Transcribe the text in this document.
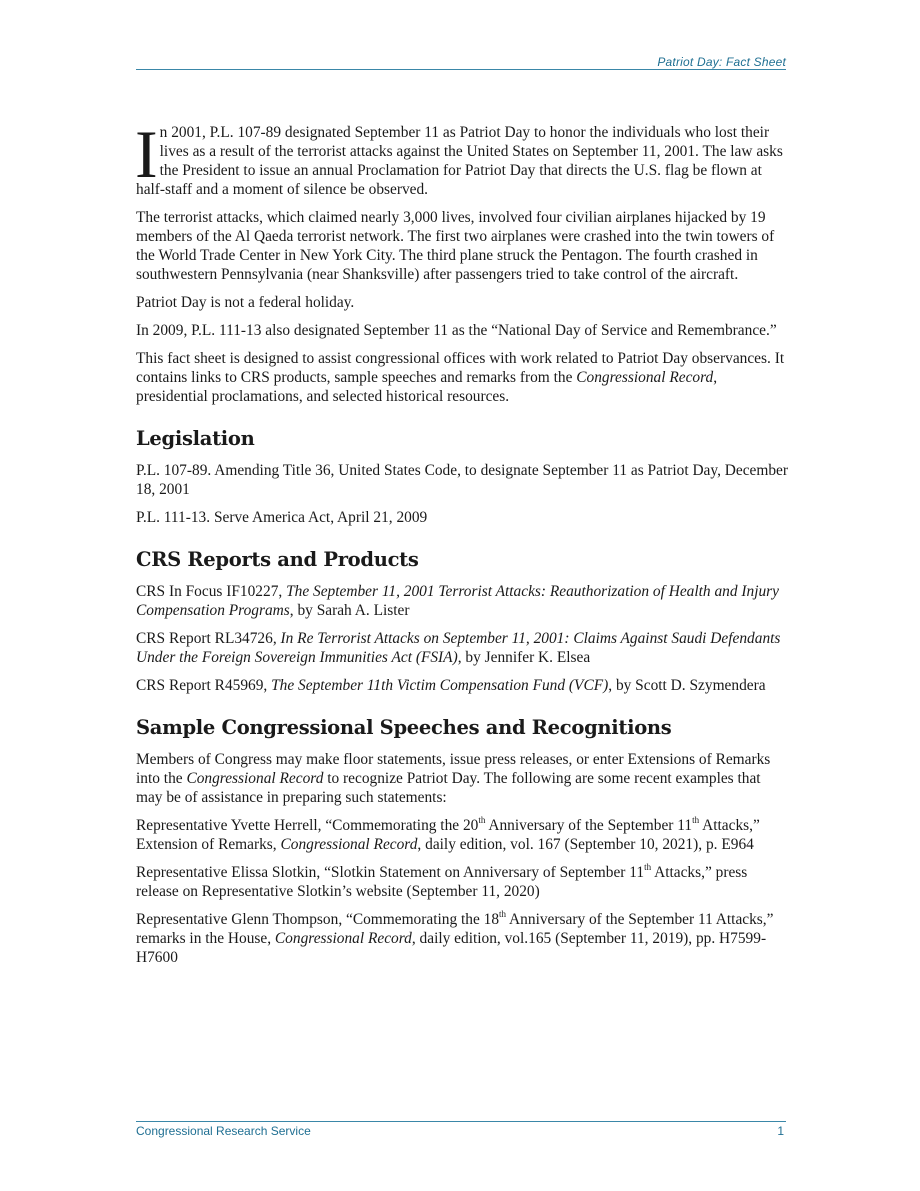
Patriot Day: Fact Sheet

In 2001, P.L. 107-89 designated September 11 as Patriot Day to honor the individuals who lost their lives as a result of the terrorist attacks against the United States on September 11, 2001. The law asks the President to issue an annual Proclamation for Patriot Day that directs the U.S. flag be flown at half-staff and a moment of silence be observed.

The terrorist attacks, which claimed nearly 3,000 lives, involved four civilian airplanes hijacked by 19 members of the Al Qaeda terrorist network. The first two airplanes were crashed into the twin towers of the World Trade Center in New York City. The third plane struck the Pentagon. The fourth crashed in southwestern Pennsylvania (near Shanksville) after passengers tried to take control of the aircraft.

Patriot Day is not a federal holiday.

In 2009, P.L. 111-13 also designated September 11 as the “National Day of Service and Remembrance.”

This fact sheet is designed to assist congressional offices with work related to Patriot Day observances. It contains links to CRS products, sample speeches and remarks from the Congressional Record, presidential proclamations, and selected historical resources.

Legislation

P.L. 107-89. Amending Title 36, United States Code, to designate September 11 as Patriot Day, December 18, 2001

P.L. 111-13. Serve America Act, April 21, 2009

CRS Reports and Products

CRS In Focus IF10227, The September 11, 2001 Terrorist Attacks: Reauthorization of Health and Injury Compensation Programs, by Sarah A. Lister

CRS Report RL34726, In Re Terrorist Attacks on September 11, 2001: Claims Against Saudi Defendants Under the Foreign Sovereign Immunities Act (FSIA), by Jennifer K. Elsea

CRS Report R45969, The September 11th Victim Compensation Fund (VCF), by Scott D. Szymendera

Sample Congressional Speeches and Recognitions

Members of Congress may make floor statements, issue press releases, or enter Extensions of Remarks into the Congressional Record to recognize Patriot Day. The following are some recent examples that may be of assistance in preparing such statements:

Representative Yvette Herrell, “Commemorating the 20th Anniversary of the September 11th Attacks,” Extension of Remarks, Congressional Record, daily edition, vol. 167 (September 10, 2021), p. E964

Representative Elissa Slotkin, “Slotkin Statement on Anniversary of September 11th Attacks,” press release on Representative Slotkin’s website (September 11, 2020)

Representative Glenn Thompson, “Commemorating the 18th Anniversary of the September 11 Attacks,” remarks in the House, Congressional Record, daily edition, vol.165 (September 11, 2019), pp. H7599-H7600

Congressional Research Service	1
